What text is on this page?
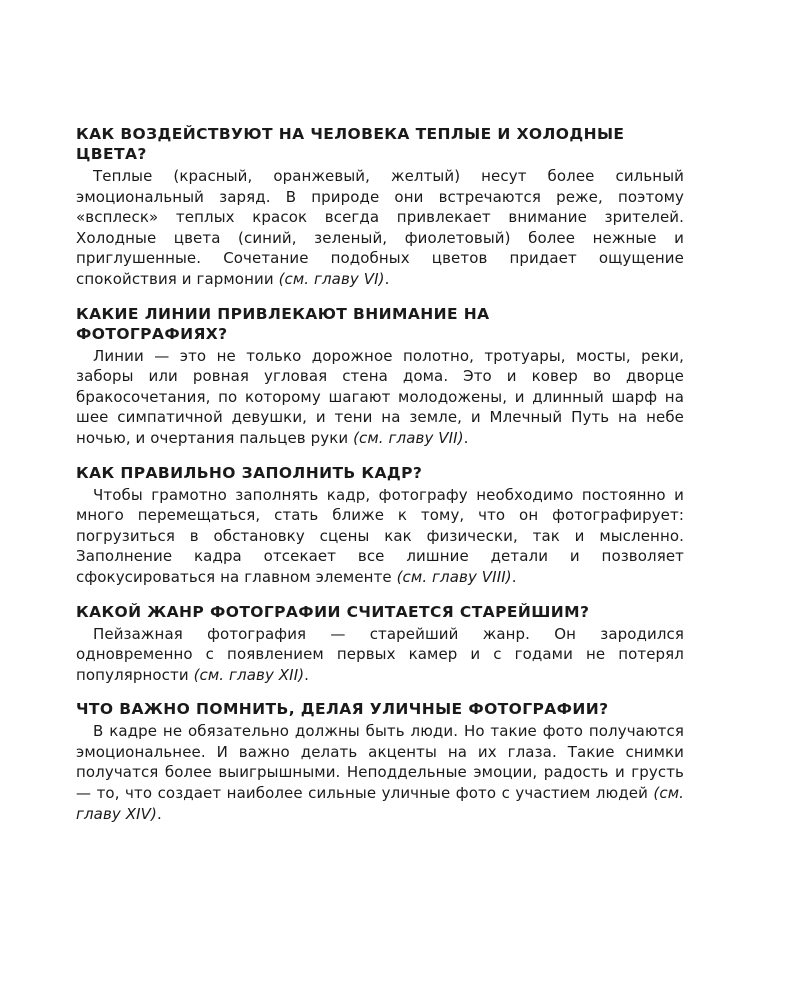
КАК ВОЗДЕЙСТВУЮТ НА ЧЕЛОВЕКА ТЕПЛЫЕ И ХОЛОДНЫЕ ЦВЕТА?

Теплые (красный, оранжевый, желтый) несут более сильный эмоциональный заряд. В природе они встречаются реже, поэтому «всплеск» теплых красок всегда привлекает внимание зрителей. Холодные цвета (синий, зеленый, фиолетовый) более нежные и приглушенные. Сочетание подобных цветов придает ощущение спокойствия и гармонии (см. главу VI).

КАКИЕ ЛИНИИ ПРИВЛЕКАЮТ ВНИМАНИЕ НА ФОТОГРАФИЯХ?

Линии — это не только дорожное полотно, тротуары, мосты, реки, заборы или ровная угловая стена дома. Это и ковер во дворце бракосочетания, по которому шагают молодожены, и длинный шарф на шее симпатичной девушки, и тени на земле, и Млечный Путь на небе ночью, и очертания пальцев руки (см. главу VII).

КАК ПРАВИЛЬНО ЗАПОЛНИТЬ КАДР?

Чтобы грамотно заполнять кадр, фотографу необходимо постоянно и много перемещаться, стать ближе к тому, что он фотографирует: погрузиться в обстановку сцены как физически, так и мысленно. Заполнение кадра отсекает все лишние детали и позволяет сфокусироваться на главном элементе (см. главу VIII).

КАКОЙ ЖАНР ФОТОГРАФИИ СЧИТАЕТСЯ СТАРЕЙШИМ?

Пейзажная фотография — старейший жанр. Он зародился одновременно с появлением первых камер и с годами не потерял популярности (см. главу XII).

ЧТО ВАЖНО ПОМНИТЬ, ДЕЛАЯ УЛИЧНЫЕ ФОТОГРАФИИ?

В кадре не обязательно должны быть люди. Но такие фото получаются эмоциональнее. И важно делать акценты на их глаза. Такие снимки получатся более выигрышными. Неподдельные эмоции, радость и грусть — то, что создает наиболее сильные уличные фото с участием людей (см. главу XIV).
